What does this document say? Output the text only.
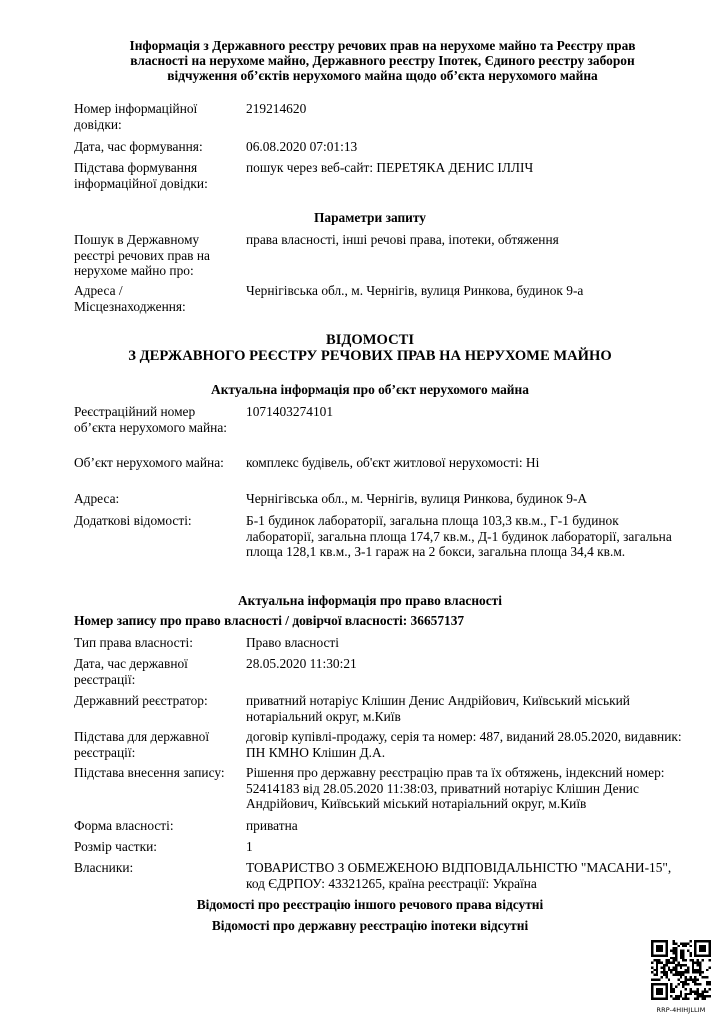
Інформація з Державного реєстру речових прав на нерухоме майно та Реєстру прав
власності на нерухоме майно, Державного реєстру Іпотек, Єдиного реєстру заборон
відчуження об’єктів нерухомого майна щодо об’єкта нерухомого майна
Номер інформаційної довідки:
219214620
Дата, час формування:	06.08.2020 07:01:13
Підстава формування інформаційної довідки:
пошук через веб-сайт: ПЕРЕТЯКА ДЕНИС ІЛЛІЧ
Параметри запиту
Пошук в Державному реєстрі речових прав на нерухоме майно про:
права власності, інші речові права, іпотеки, обтяження
Адреса / Місцезнаходження:
Чернігівська обл., м. Чернігів, вулиця Ринкова, будинок 9-а
ВІДОМОСТІ
З ДЕРЖАВНОГО РЕЄСТРУ РЕЧОВИХ ПРАВ НА НЕРУХОМЕ МАЙНО
Актуальна інформація про об’єкт нерухомого майна
Реєстраційний номер об’єкта нерухомого майна:
1071403274101
Об’єкт нерухомого майна:	комплекс будівель, об'єкт житлової нерухомості: Ні
Адреса:	Чернігівська обл., м. Чернігів, вулиця Ринкова, будинок 9-А
Додаткові відомості:	Б-1 будинок лабораторії, загальна площа 103,3 кв.м., Г-1 будинок лабораторії, загальна площа 174,7 кв.м., Д-1 будинок лабораторії, загальна площа 128,1 кв.м., З-1 гараж на 2 бокси, загальна площа 34,4 кв.м.
Актуальна інформація про право власності
Номер запису про право власності / довірчої власності: 36657137
Тип права власності:	Право власності
Дата, час державної реєстрації:
28.05.2020 11:30:21
Державний реєстратор:	приватний нотаріус Клішин Денис Андрійович, Київський міський нотаріальний округ, м.Київ
Підстава для державної реєстрації:
договір купівлі-продажу, серія та номер: 487, виданий 28.05.2020, видавник: ПН КМНО Клішин Д.А.
Підстава внесення запису:	Рішення про державну реєстрацію прав та їх обтяжень, індексний номер: 52414183 від 28.05.2020 11:38:03, приватний нотаріус Клішин Денис Андрійович, Київський міський нотаріальний округ, м.Київ
Форма власності:	приватна
Розмір частки:	1
Власники:	ТОВАРИСТВО З ОБМЕЖЕНОЮ ВІДПОВІДАЛЬНІСТЮ "МАСАНИ-15", код ЄДРПОУ: 43321265, країна реєстрації: Україна
Відомості про реєстрацію іншого речового права відсутні
Відомості про державну реєстрацію іпотеки відсутні
RRP-4HIHJLLIM
